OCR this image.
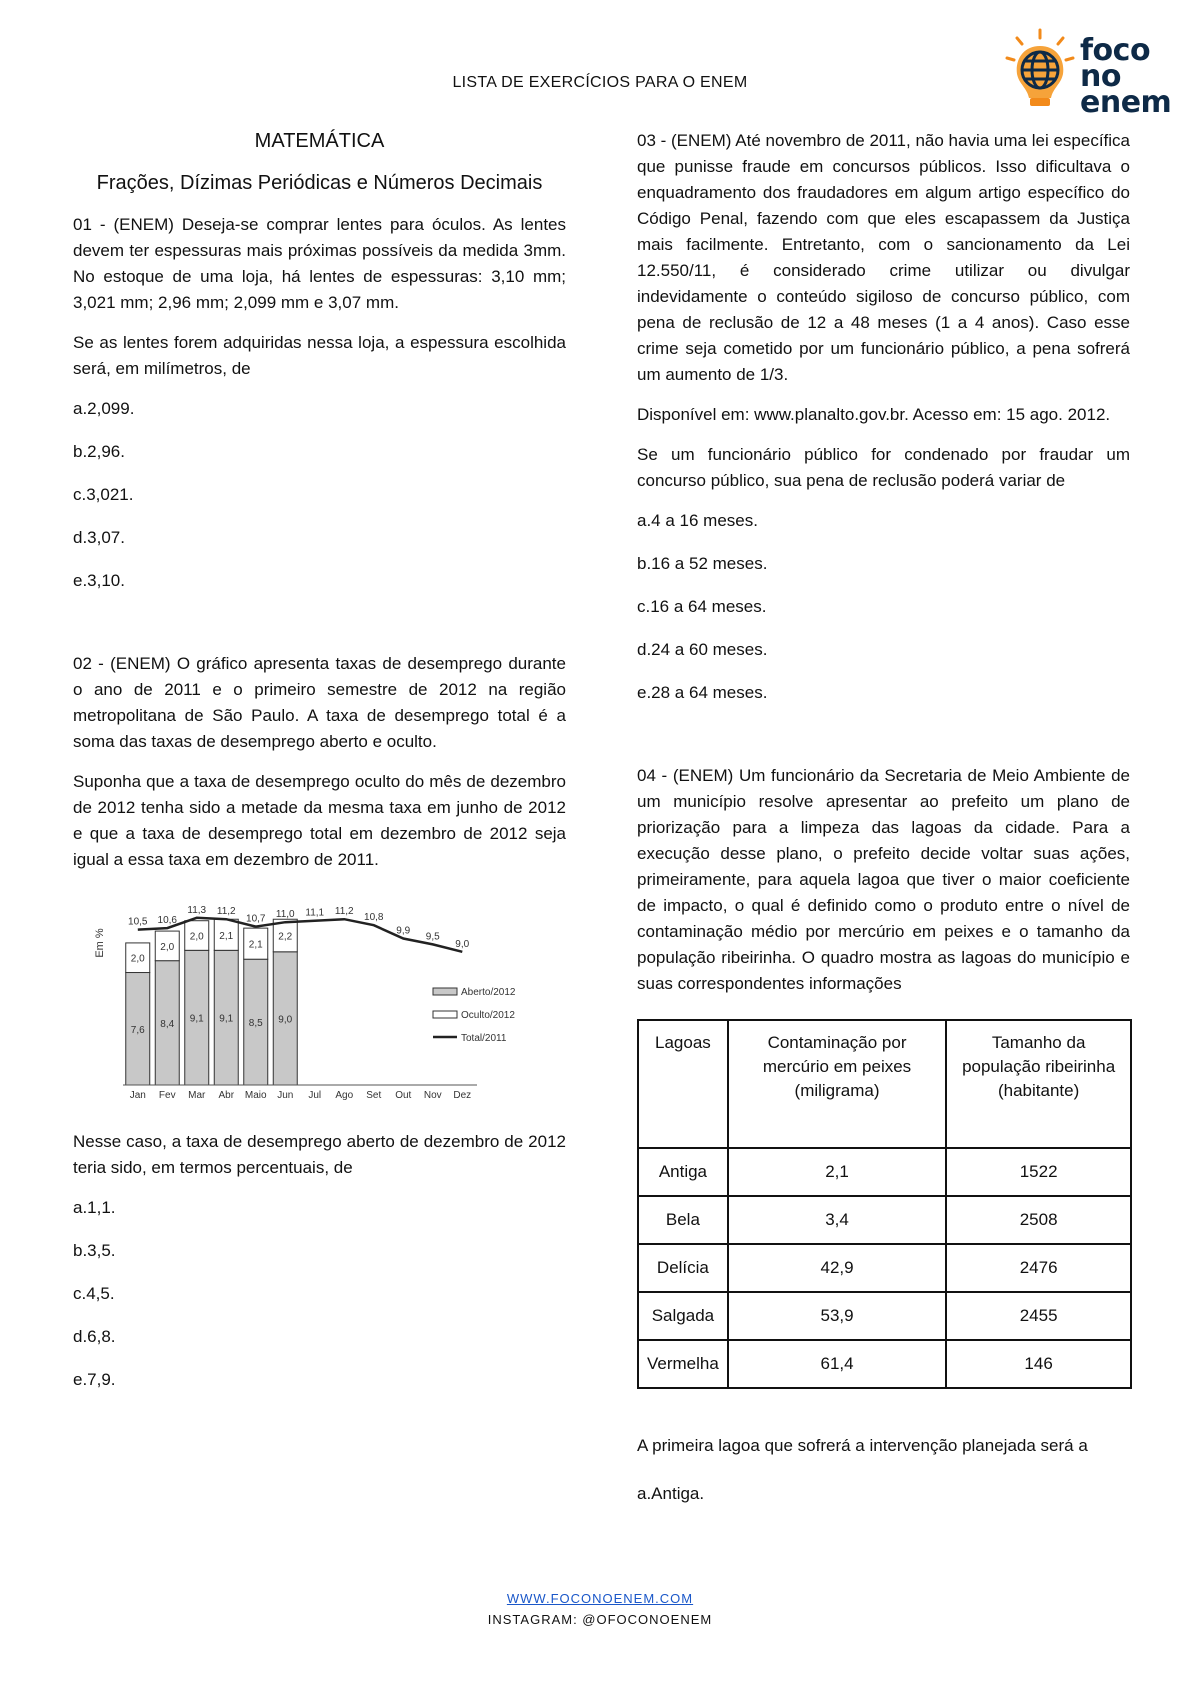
LISTA DE EXERCÍCIOS PARA O ENEM
foco
no enem

MATEMÁTICA

Frações, Dízimas Periódicas e Números Decimais

01 - (ENEM) Deseja-se comprar lentes para óculos. As lentes devem ter espessuras mais próximas possíveis da medida 3mm. No estoque de uma loja, há lentes de espessuras: 3,10 mm; 3,021 mm; 2,96 mm; 2,099 mm e 3,07 mm.

Se as lentes forem adquiridas nessa loja, a espessura escolhida será, em milímetros, de

a.2,099.

b.2,96.

c.3,021.

d.3,07.

e.3,10.

02 - (ENEM) O gráfico apresenta taxas de desemprego durante o ano de 2011 e o primeiro semestre de 2012 na região metropolitana de São Paulo. A taxa de desemprego total é a soma das taxas de desemprego aberto e oculto.

Suponha que a taxa de desemprego oculto do mês de dezembro de 2012 tenha sido a metade da mesma taxa em junho de 2012 e que a taxa de desemprego total em dezembro de 2012 seja igual a essa taxa em dezembro de 2011.

Em %
7,6
2,0
8,4
2,0
9,1
2,0
9,1
2,1
8,5
2,1
9,0
2,2
10,5 10,6
11,3 11,2
10,7 11,0 11,1 11,2
10,8
9,9
9,5
9,0
Jan Fev Mar Abr Maio Jun Jul Ago Set Out Nov Dez
Aberto/2012
Oculto/2012
Total/2011

Nesse caso, a taxa de desemprego aberto de dezembro de 2012 teria sido, em termos percentuais, de

a.1,1.

b.3,5.

c.4,5.

d.6,8.

e.7,9.

03 - (ENEM) Até novembro de 2011, não havia uma lei específica que punisse fraude em concursos públicos. Isso dificultava o enquadramento dos fraudadores em algum artigo específico do Código Penal, fazendo com que eles escapassem da Justiça mais facilmente. Entretanto, com o sancionamento da Lei 12.550/11, é considerado crime utilizar ou divulgar indevidamente o conteúdo sigiloso de concurso público, com pena de reclusão de 12 a 48 meses (1 a 4 anos). Caso esse crime seja cometido por um funcionário público, a pena sofrerá um aumento de 1/3.

Disponível em: www.planalto.gov.br. Acesso em: 15 ago. 2012.

Se um funcionário público for condenado por fraudar um concurso público, sua pena de reclusão poderá variar de

a.4 a 16 meses.

b.16 a 52 meses.

c.16 a 64 meses.

d.24 a 60 meses.

e.28 a 64 meses.

04 - (ENEM) Um funcionário da Secretaria de Meio Ambiente de um município resolve apresentar ao prefeito um plano de priorização para a limpeza das lagoas da cidade. Para a execução desse plano, o prefeito decide voltar suas ações, primeiramente, para aquela lagoa que tiver o maior coeficiente de impacto, o qual é definido como o produto entre o nível de contaminação médio por mercúrio em peixes e o tamanho da população ribeirinha. O quadro mostra as lagoas do município e suas correspondentes informações

Lagoas	Contaminação por mercúrio em peixes (miligrama)	Tamanho da população ribeirinha (habitante)
Antiga	2,1	1522
Bela	3,4	2508
Delícia	42,9	2476
Salgada	53,9	2455
Vermelha	61,4	146

A primeira lagoa que sofrerá a intervenção planejada será a

a.Antiga.

WWW.FOCONOENEM.COM
INSTAGRAM: @OFOCONOENEM
